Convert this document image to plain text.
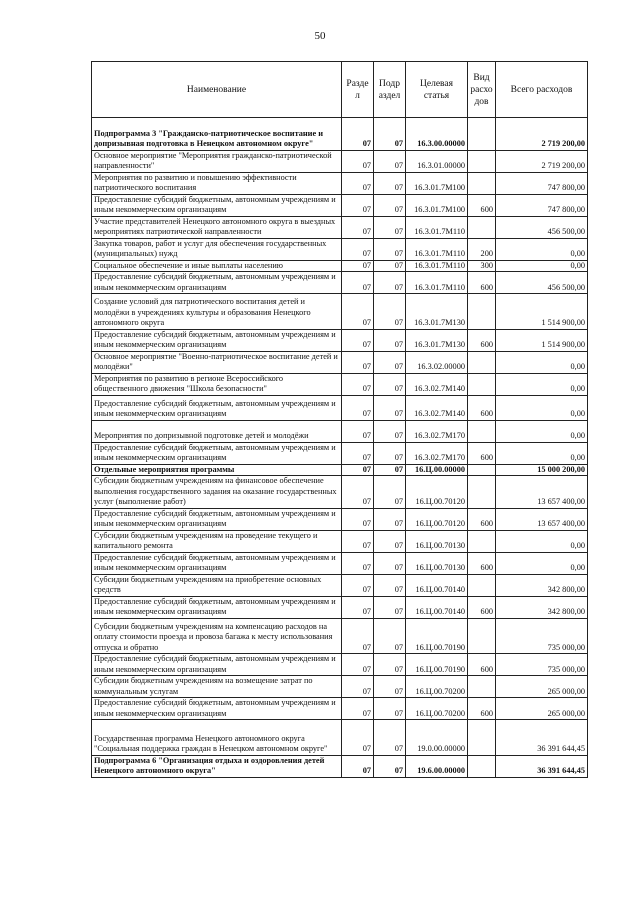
50
Наименование	Разде л	Подр аздел	Целевая статья	Вид расхо дов	Всего расходов
Подпрограмма 3 "Гражданско-патриотическое воспитание и допризывная подготовка в Ненецком автономном округе"	07	07	16.3.00.00000		2 719 200,00
Основное мероприятие "Мероприятия гражданско-патриотической направленности"	07	07	16.3.01.00000		2 719 200,00
Мероприятия по развитию и повышению эффективности патриотического воспитания	07	07	16.3.01.7М100		747 800,00
Предоставление субсидий бюджетным, автономным учреждениям и иным некоммерческим организациям	07	07	16.3.01.7М100	600	747 800,00
Участие представителей Ненецкого автономного округа в выездных мероприятиях патриотической направленности	07	07	16.3.01.7М110		456 500,00
Закупка товаров, работ и услуг для обеспечения государственных (муниципальных) нужд	07	07	16.3.01.7М110	200	0,00
Социальное обеспечение и иные выплаты населению	07	07	16.3.01.7М110	300	0,00
Предоставление субсидий бюджетным, автономным учреждениям и иным некоммерческим организациям	07	07	16.3.01.7М110	600	456 500,00
Создание условий для патриотического воспитания детей и молодёжи в учреждениях культуры и образования Ненецкого автономного округа	07	07	16.3.01.7М130		1 514 900,00
Предоставление субсидий бюджетным, автономным учреждениям и иным некоммерческим организациям	07	07	16.3.01.7М130	600	1 514 900,00
Основное мероприятие "Военно-патриотическое воспитание детей и молодёжи"	07	07	16.3.02.00000		0,00
Мероприятия по развитию в регионе Всероссийского общественного движения "Школа безопасности"	07	07	16.3.02.7М140		0,00
Предоставление субсидий бюджетным, автономным учреждениям и иным некоммерческим организациям	07	07	16.3.02.7М140	600	0,00
Мероприятия по допризывной подготовке детей и молодёжи	07	07	16.3.02.7М170		0,00
Предоставление субсидий бюджетным, автономным учреждениям и иным некоммерческим организациям	07	07	16.3.02.7М170	600	0,00
Отдельные мероприятия программы	07	07	16.Ц.00.00000		15 000 200,00
Субсидии бюджетным учреждениям на финансовое обеспечение выполнения государственного задания на оказание государственных услуг (выполнение работ)	07	07	16.Ц.00.70120		13 657 400,00
Предоставление субсидий бюджетным, автономным учреждениям и иным некоммерческим организациям	07	07	16.Ц.00.70120	600	13 657 400,00
Субсидии бюджетным учреждениям на проведение текущего и капитального ремонта	07	07	16.Ц.00.70130		0,00
Предоставление субсидий бюджетным, автономным учреждениям и иным некоммерческим организациям	07	07	16.Ц.00.70130	600	0,00
Субсидии бюджетным учреждениям на приобретение основных средств	07	07	16.Ц.00.70140		342 800,00
Предоставление субсидий бюджетным, автономным учреждениям и иным некоммерческим организациям	07	07	16.Ц.00.70140	600	342 800,00
Субсидии бюджетным учреждениям на компенсацию расходов на оплату стоимости проезда и провоза багажа к месту использования отпуска и обратно	07	07	16.Ц.00.70190		735 000,00
Предоставление субсидий бюджетным, автономным учреждениям и иным некоммерческим организациям	07	07	16.Ц.00.70190	600	735 000,00
Субсидии бюджетным учреждениям на возмещение затрат по коммунальным услугам	07	07	16.Ц.00.70200		265 000,00
Предоставление субсидий бюджетным, автономным учреждениям и иным некоммерческим организациям	07	07	16.Ц.00.70200	600	265 000,00
Государственная программа Ненецкого автономного округа "Социальная поддержка граждан в Ненецком автономном округе"	07	07	19.0.00.00000		36 391 644,45
Подпрограмма 6 "Организация отдыха и оздоровления детей Ненецкого автономного округа"	07	07	19.6.00.00000		36 391 644,45
